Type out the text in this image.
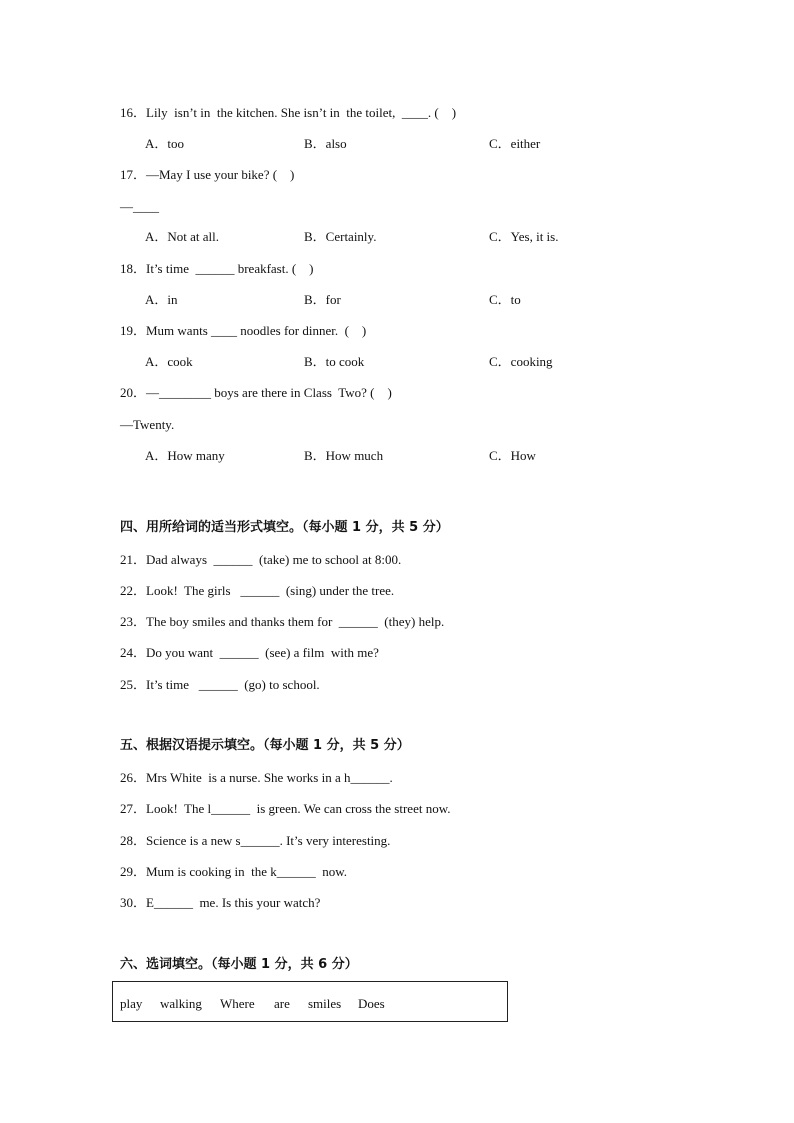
16．Lily  isn’t in  the kitchen. She isn’t in  the toilet,  ____. (    )
A．too	B．also	C．either
17．—May I use your bike? (    )
—____
A．Not at all.	B．Certainly.	C．Yes, it is.
18．It’s time  ______ breakfast. (    )
A．in	B．for	C．to
19．Mum wants ____ noodles for dinner.  (    )
A．cook	B．to cook	C．cooking
20．—________ boys are there in Class  Two? (    )
—Twenty.
A．How many	B．How much	C．How
四、用所给词的适当形式填空。（每小题 1 分，共 5 分）
21．Dad always  ______  (take) me to school at 8:00.
22．Look!  The girls   ______  (sing) under the tree.
23．The boy smiles and thanks them for  ______  (they) help.
24．Do you want  ______  (see) a film  with me?
25．It’s time   ______  (go) to school.
五、根据汉语提示填空。（每小题 1 分，共 5 分）
26．Mrs White  is a nurse. She works in a h______.
27．Look!  The l______  is green. We can cross the street now.
28．Science is a new s______. It’s very interesting.
29．Mum is cooking in  the k______  now.
30．E______  me. Is this your watch?
六、选词填空。（每小题 1 分，共 6 分）
play walking Where are smiles Does
